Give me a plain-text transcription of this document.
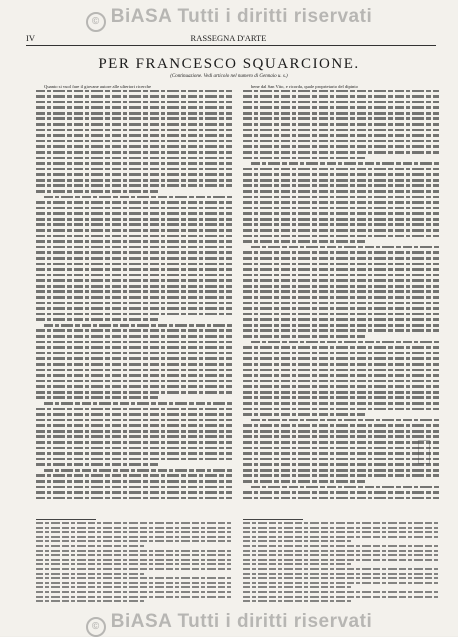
© BiASA Tutti i diritti riservati
IV	RASSEGNA D'ARTE
PER FRANCESCO SQUARCIONE.
(Continuazione. Vedi articolo nel numero di Gennaio u. s.)

Quanto si vuol fare il giovane autore alle ulteriori ricerche	bene dal San Vito, e ricorda, quale proprietario del dipinto

© BiASA Tutti i diritti riservati
